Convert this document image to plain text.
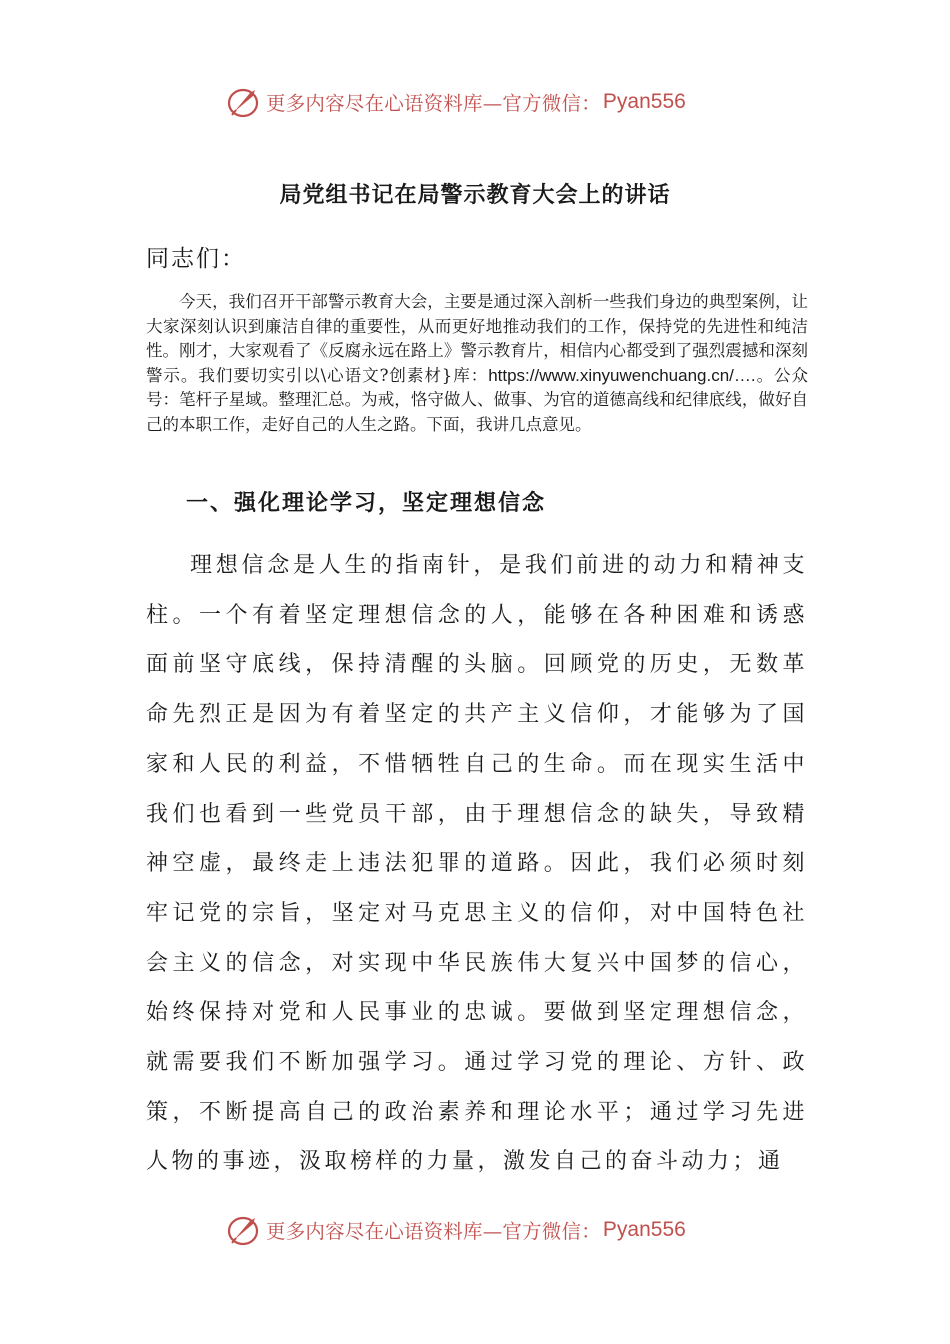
更多内容尽在心语资料库—官方微信： Pyan556
局党组书记在局警示教育大会上的讲话
同志们：

今天，我们召开干部警示教育大会，主要是通过深入剖析一些我们身边的典型案例，让大家深刻认识到廉洁自律的重要性，从而更好地推动我们的工作，保持党的先进性和纯洁性。刚才，大家观看了《反腐永远在路上》警示教育片，相信内心都受到了强烈震撼和深刻警示。我们要切实引以\心语文?创素材}库：https://www.xinyuwenchuang.cn/….。公众号：笔杆子星域。整理汇总。为戒，恪守做人、做事、为官的道德高线和纪律底线，做好自己的本职工作，走好自己的人生之路。下面，我讲几点意见。

一、强化理论学习，坚定理想信念

理想信念是人生的指南针，是我们前进的动力和精神支柱。一个有着坚定理想信念的人，能够在各种困难和诱惑面前坚守底线，保持清醒的头脑。回顾党的历史，无数革命先烈正是因为有着坚定的共产主义信仰，才能够为了国家和人民的利益，不惜牺牲自己的生命。而在现实生活中我们也看到一些党员干部，由于理想信念的缺失，导致精神空虚，最终走上违法犯罪的道路。因此，我们必须时刻牢记党的宗旨，坚定对马克思主义的信仰，对中国特色社会主义的信念，对实现中华民族伟大复兴中国梦的信心，始终保持对党和人民事业的忠诚。要做到坚定理想信念，就需要我们不断加强学习。通过学习党的理论、方针、政策，不断提高自己的政治素养和理论水平；通过学习先进人物的事迹，汲取榜样的力量，激发自己的奋斗动力；通

更多内容尽在心语资料库—官方微信： Pyan556
